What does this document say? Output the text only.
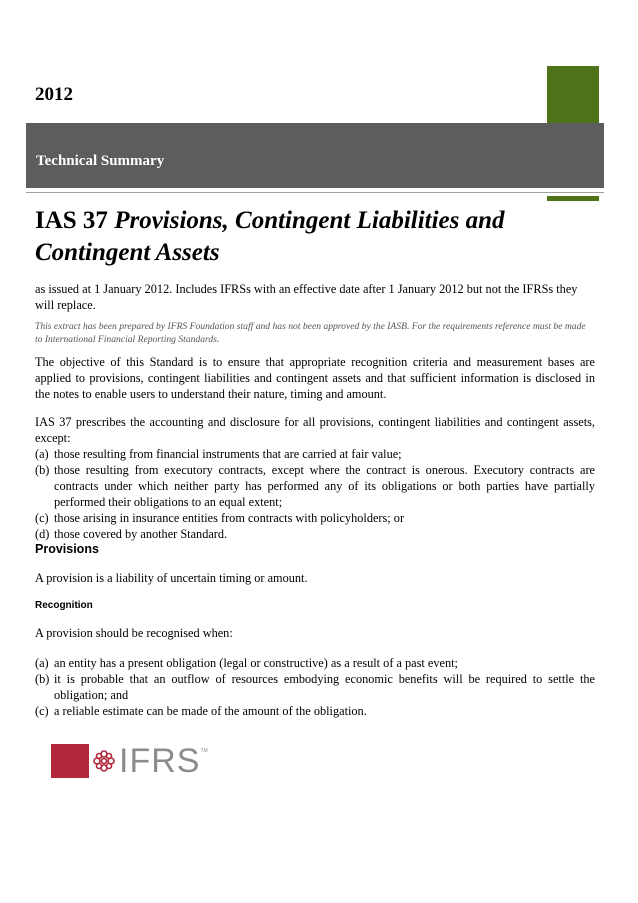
2012
Technical Summary
IAS 37 Provisions, Contingent Liabilities and
Contingent Assets

as issued at 1 January 2012. Includes IFRSs with an effective date after 1 January 2012 but not the IFRSs they will replace.

This extract has been prepared by IFRS Foundation staff and has not been approved by the IASB. For the requirements reference must be made to International Financial Reporting Standards.

The objective of this Standard is to ensure that appropriate recognition criteria and measurement bases are applied to provisions, contingent liabilities and contingent assets and that sufficient information is disclosed in the notes to enable users to understand their nature, timing and amount.

IAS 37 prescribes the accounting and disclosure for all provisions, contingent liabilities and contingent assets, except:

(a) those resulting from financial instruments that are carried at fair value;
(b) those resulting from executory contracts, except where the contract is onerous. Executory contracts are contracts under which neither party has performed any of its obligations or both parties have partially performed their obligations to an equal extent;
(c) those arising in insurance entities from contracts with policyholders; or
(d) those covered by another Standard.
Provisions

A provision is a liability of uncertain timing or amount.

Recognition

A provision should be recognised when:

(a) an entity has a present obligation (legal or constructive) as a result of a past event;
(b) it is probable that an outflow of resources embodying economic benefits will be required to settle the obligation; and
(c) a reliable estimate can be made of the amount of the obligation.
IFRS TM
